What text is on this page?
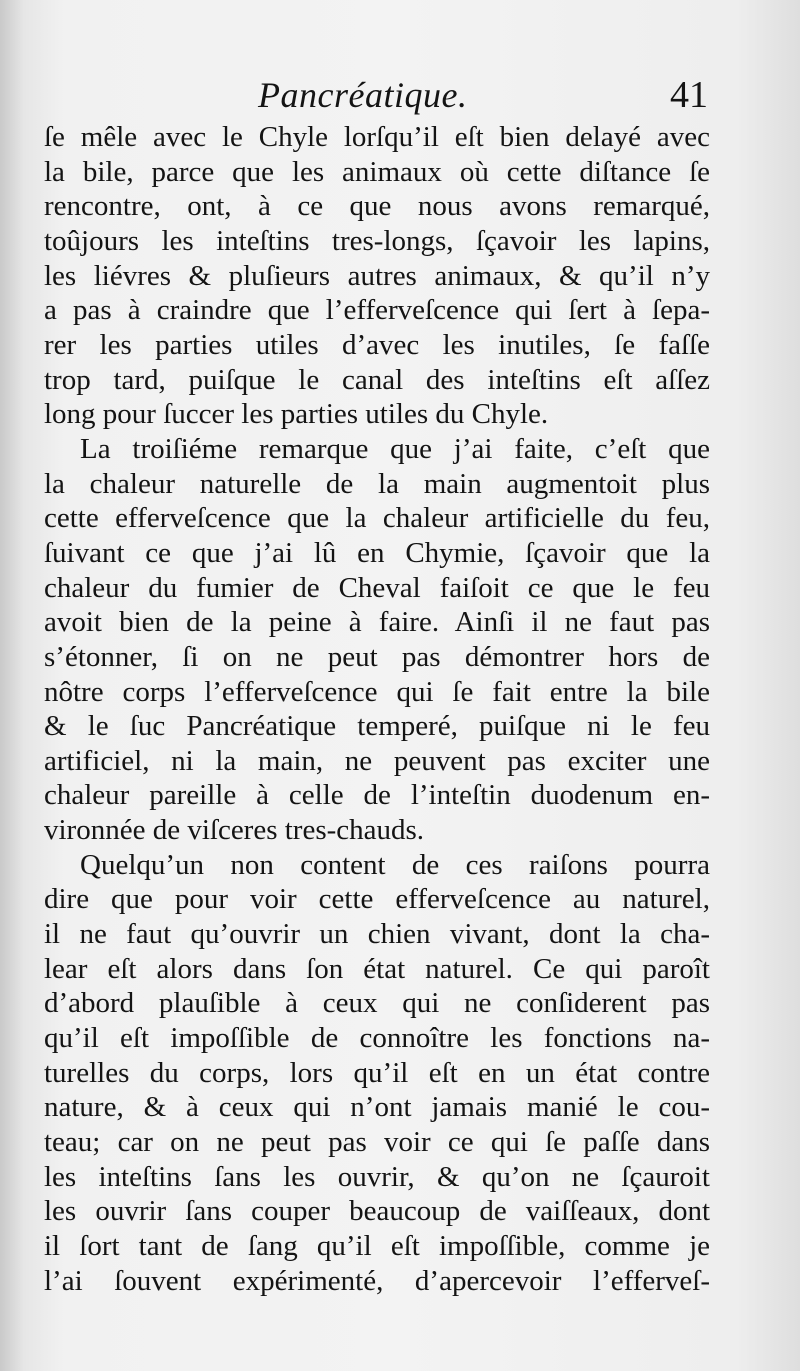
Pancréatique.	41
ſe mêle avec le Chyle lorſqu’il eſt bien delayé avec
la bile, parce que les animaux où cette diſtance ſe
rencontre, ont, à ce que nous avons remarqué,
toûjours les inteſtins tres-longs, ſçavoir les lapins,
les liévres & pluſieurs autres animaux, & qu’il n’y
a pas à craindre que l’effervеſcence qui ſert à ſepa-
rer les parties utiles d’avec les inutiles, ſe faſſe
trop tard, puiſque le canal des inteſtins eſt aſſez
long pour ſuccer les parties utiles du Chyle.
La troiſiéme remarque que j’ai faite, c’eſt que
la chaleur naturelle de la main augmentoit plus
cette effervеſcence que la chaleur artificielle du feu,
ſuivant ce que j’ai lû en Chymie, ſçavoir que la
chaleur du fumier de Cheval faiſoit ce que le feu
avoit bien de la peine à faire. Ainſi il ne faut pas
s’étonner, ſi on ne peut pas démontrer hors de
nôtre corps l’effervеſcence qui ſe fait entre la bile
& le ſuc Pancréatique temperé, puiſque ni le feu
artificiel, ni la main, ne peuvent pas exciter une
chaleur pareille à celle de l’inteſtin duodenum en-
vironnée de viſceres tres-chauds.
Quelqu’un non content de ces raiſons pourra
dire que pour voir cette effervеſcence au naturel,
il ne faut qu’ouvrir un chien vivant, dont la cha-
lear eſt alors dans ſon état naturel. Ce qui paroît
d’abord plauſible à ceux qui ne conſiderent pas
qu’il eſt impoſſible de connoître les fonctions na-
turelles du corps, lors qu’il eſt en un état contre
nature, & à ceux qui n’ont jamais manié le cou-
teau; car on ne peut pas voir ce qui ſe paſſe dans
les inteſtins ſans les ouvrir, & qu’on ne ſçauroit
les ouvrir ſans couper beaucoup de vaiſſeaux, dont
il ſort tant de ſang qu’il eſt impoſſible, comme je
l’ai ſouvent expérimenté, d’apercevoir l’effervеſ-
